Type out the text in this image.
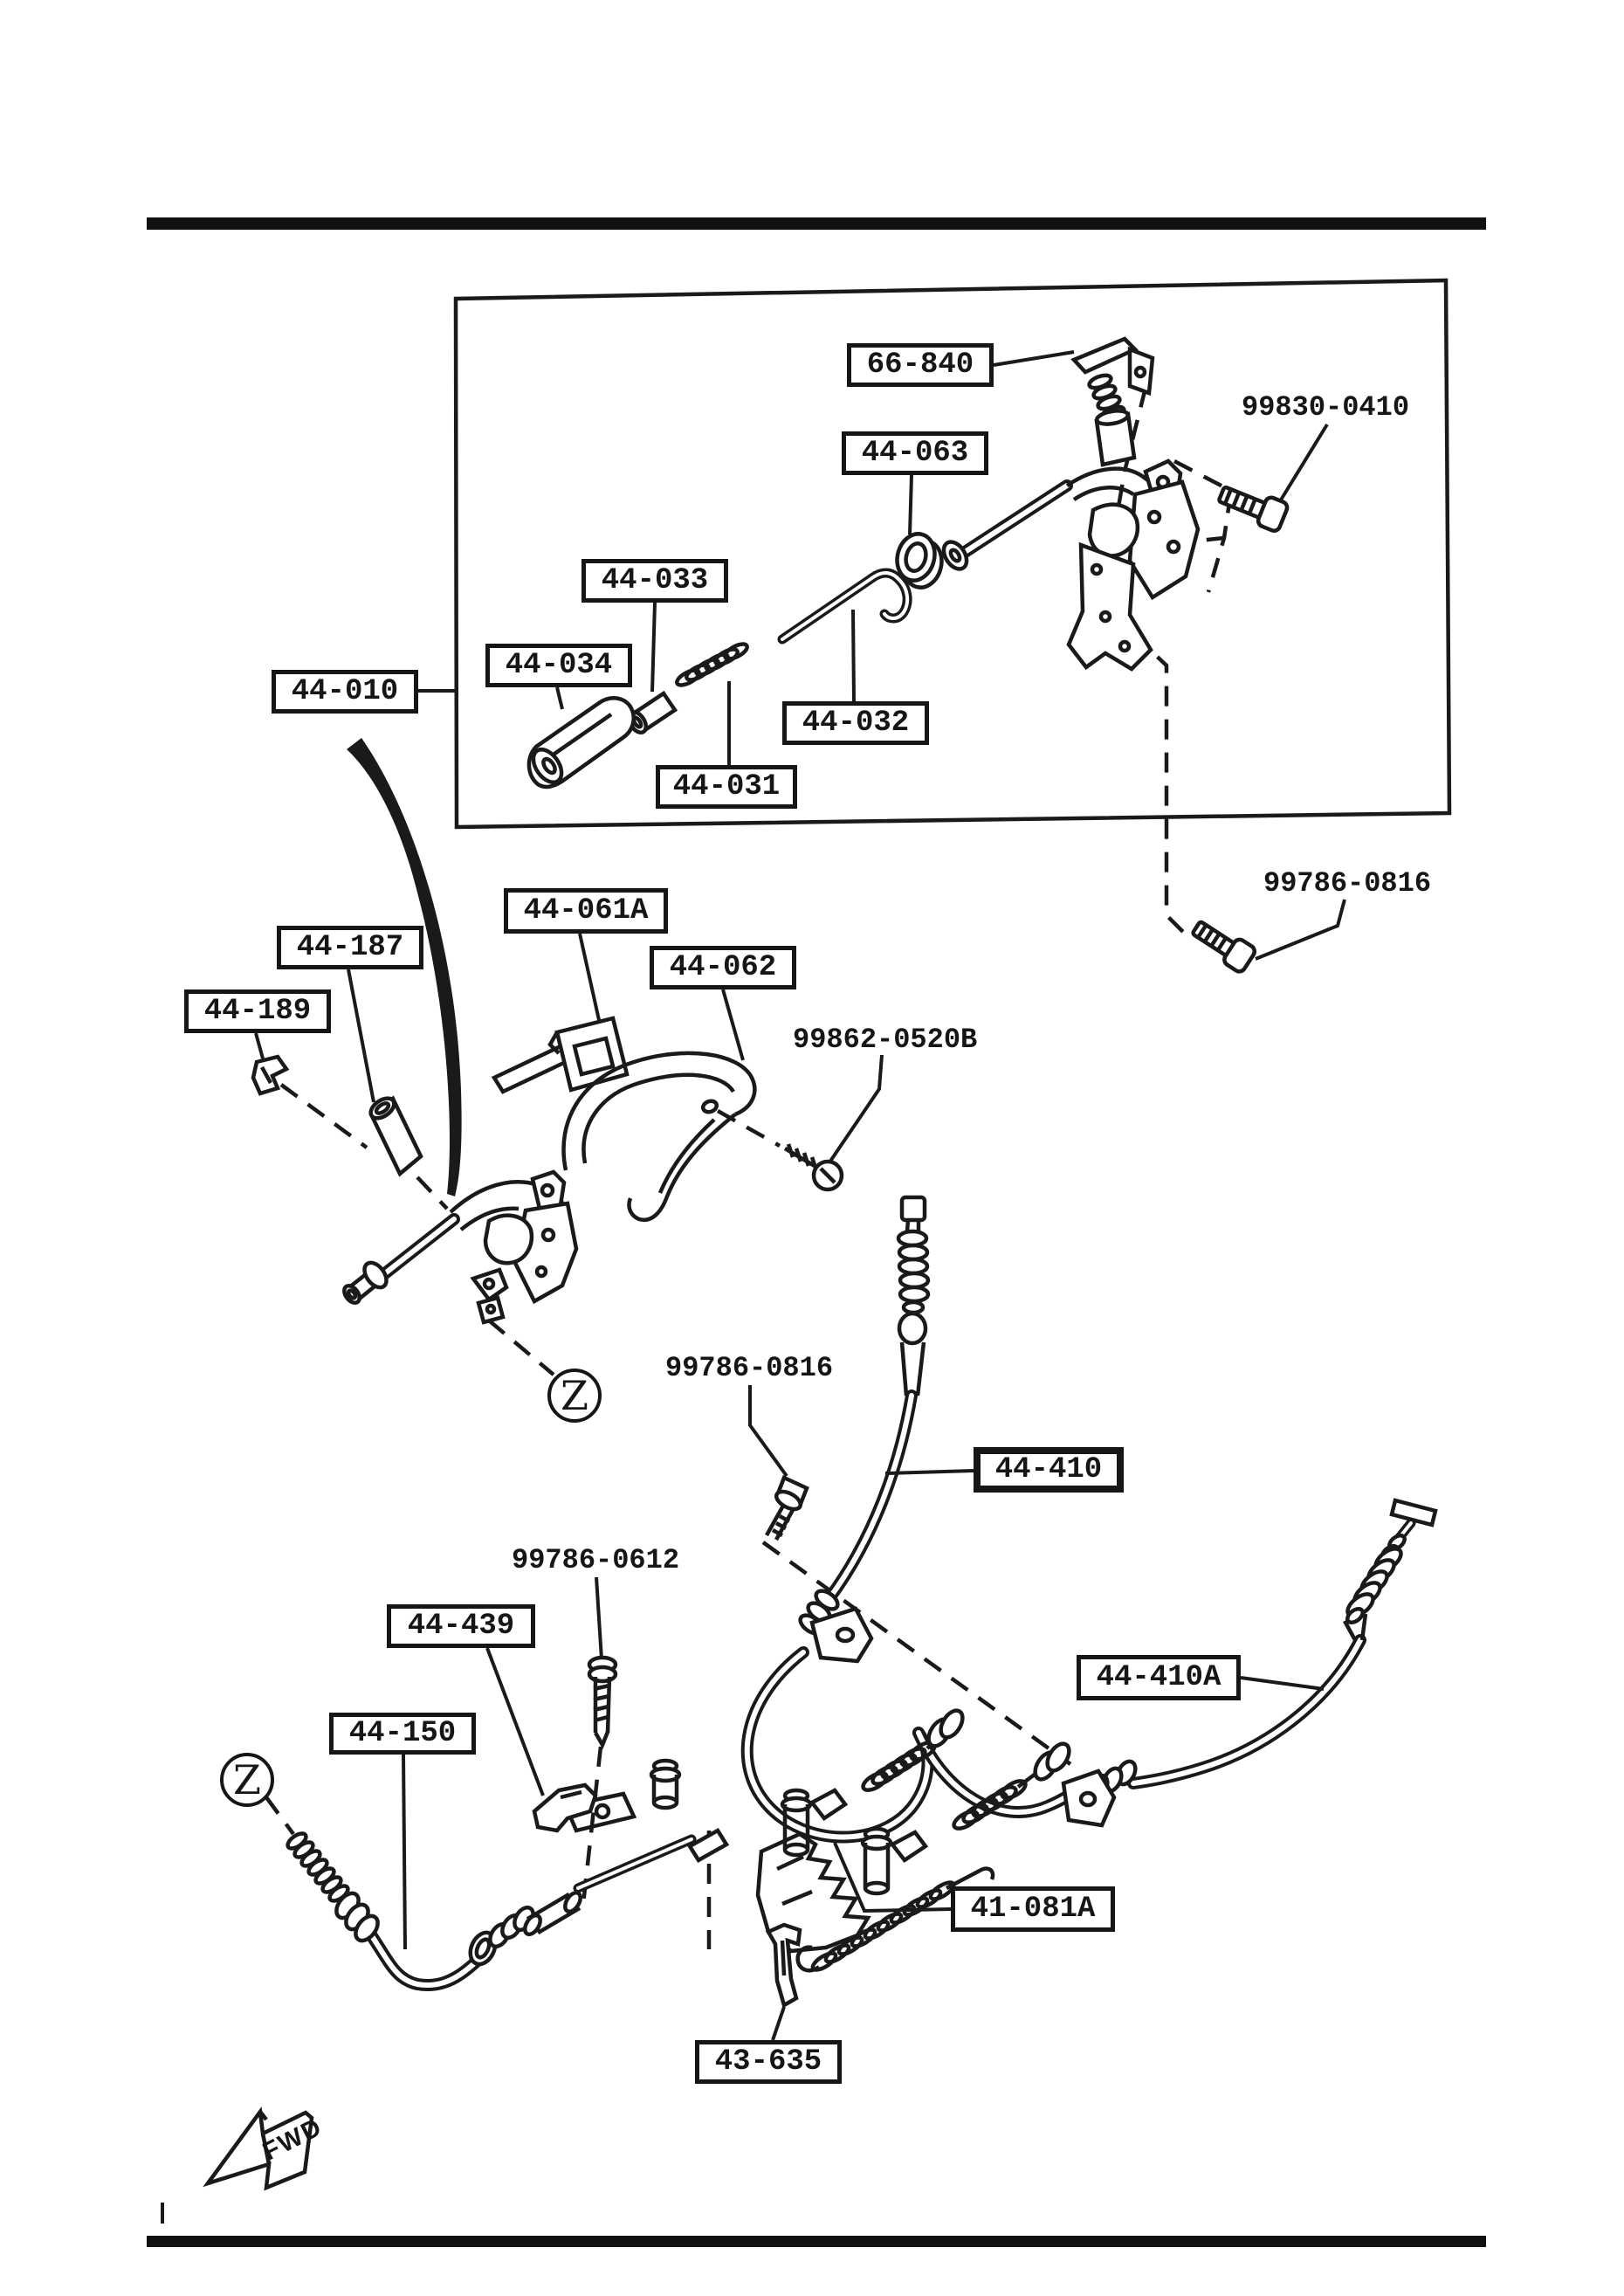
66-840
44-063
44-033
44-034
44-010
44-032
44-031
44-061A
44-187
44-062
44-189
44-410
44-439
44-410A
44-150
41-081A
43-635
99830-0410
99786-0816
99862-0520B
99786-0816
99786-0612
Z
Z
FWD
